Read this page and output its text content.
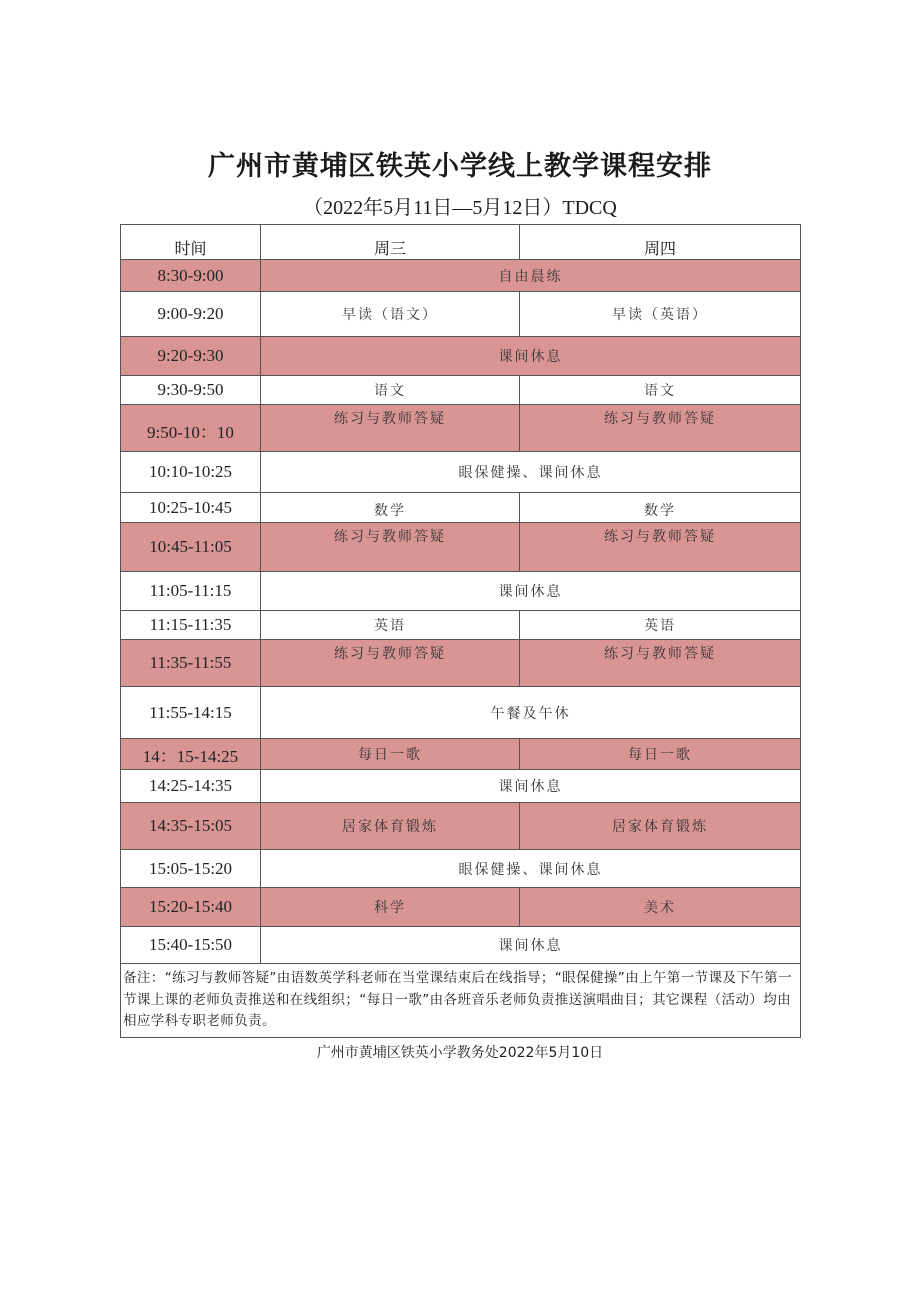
广州市黄埔区铁英小学线上教学课程安排
（2022年5月11日—5月12日）TDCQ
时间	周三	周四
8:30-9:00	自由晨练	
9:00-9:20	早读（语文）	早读（英语）
9:20-9:30	课间休息	
9:30-9:50	语文	语文
9:50-10：10	练习与教师答疑	练习与教师答疑
10:10-10:25	眼保健操、课间休息	
10:25-10:45	数学	数学
10:45-11:05	练习与教师答疑	练习与教师答疑
11:05-11:15	课间休息	
11:15-11:35	英语	英语
11:35-11:55	练习与教师答疑	练习与教师答疑
11:55-14:15	午餐及午休	
14：15-14:25	每日一歌	每日一歌
14:25-14:35	课间休息	
14:35-15:05	居家体育锻炼	居家体育锻炼
15:05-15:20	眼保健操、课间休息	
15:20-15:40	科学	美术
15:40-15:50	课间休息	
备注：“练习与教师答疑”由语数英学科老师在当堂课结束后在线指导；“眼保健操”由上午第一节课及下午第一节课上课的老师负责推送和在线组织；“每日一歌”由各班音乐老师负责推送演唱曲目；其它课程（活动）均由相应学科专职老师负责。		
广州市黄埔区铁英小学教务处2022年5月10日
